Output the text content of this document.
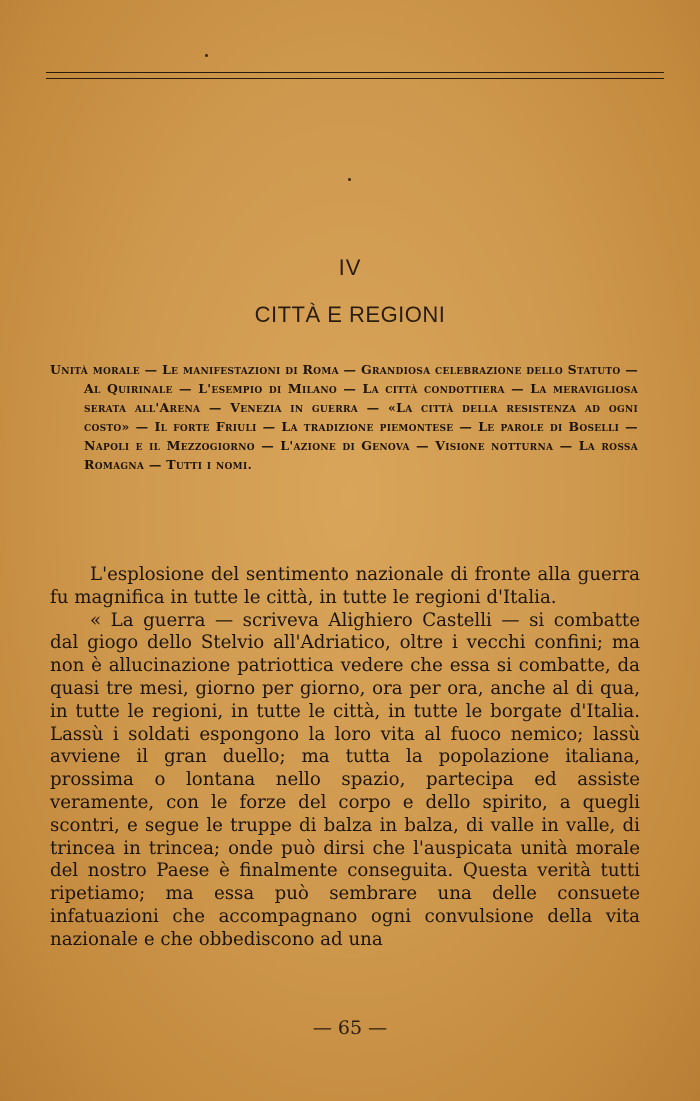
IV
CITTÀ E REGIONI
Unità morale — Le manifestazioni di Roma — Grandiosa celebrazione dello Statuto — Al Quirinale — L'esempio di Milano — La città condottiera — La meravigliosa serata all'Arena — Venezia in guerra — «La città della resistenza ad ogni costo» — Il forte Friuli — La tradizione piemontese — Le parole di Boselli — Napoli e il Mezzogiorno — L'azione di Genova — Visione notturna — La rossa Romagna — Tutti i nomi.

L'esplosione del sentimento nazionale di fronte alla guerra fu magnifica in tutte le città, in tutte le regioni d'Italia.

« La guerra — scriveva Alighiero Castelli — si combatte dal giogo dello Stelvio all'Adriatico, oltre i vecchi confini; ma non è allucinazione patriottica vedere che essa si combatte, da quasi tre mesi, giorno per giorno, ora per ora, anche al di qua, in tutte le regioni, in tutte le città, in tutte le borgate d'Italia. Lassù i soldati espongono la loro vita al fuoco nemico; lassù avviene il gran duello; ma tutta la popolazione italiana, prossima o lontana nello spazio, partecipa ed assiste veramente, con le forze del corpo e dello spirito, a quegli scontri, e segue le truppe di balza in balza, di valle in valle, di trincea in trincea; onde può dirsi che l'auspicata unità morale del nostro Paese è finalmente conseguita. Questa verità tutti ripetiamo; ma essa può sembrare una delle consuete infatuazioni che accompagnano ogni convulsione della vita nazionale e che obbediscono ad una

— 65 —
